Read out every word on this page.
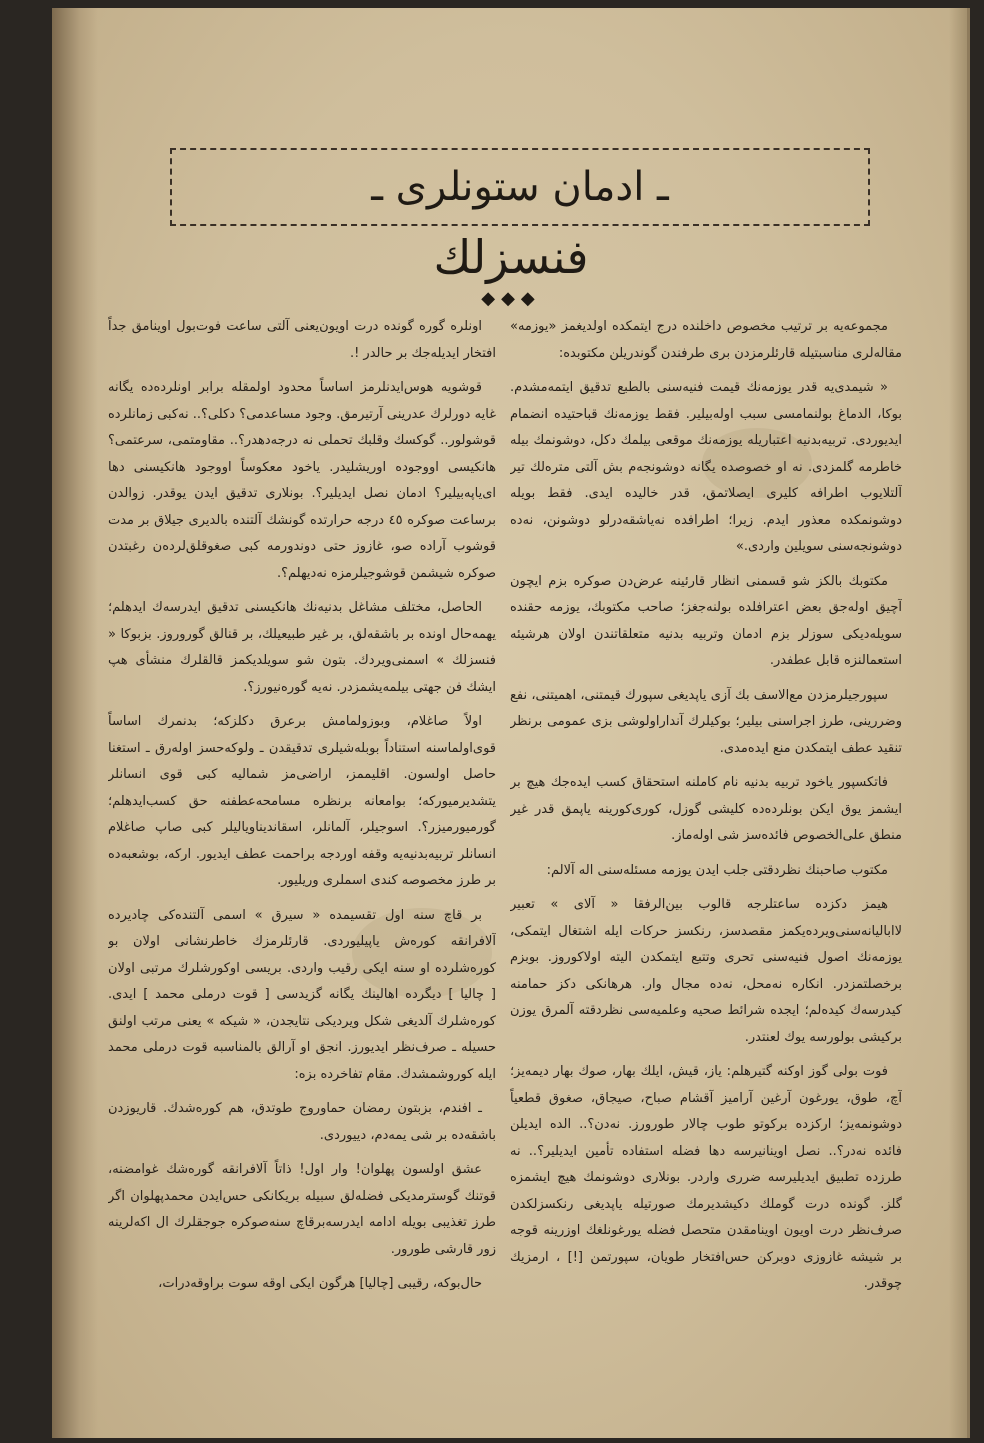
ـ ادمان ستونلری ـ
فنسزلك
◆◆◆

مجموعه‌یه بر ترتیب مخصوص داخلنده درج ایتمکده اولدیغمز «یوزمه» مقاله‌لری مناسبتیله قارئلرمزدن بری طرفندن گوندریلن مکتوبده:

« شیمدی‌یه قدر یوزمه‌نك قیمت فنیه‌سنی بالطبع تدقیق ایتمه‌مشدم. بوكا، الدماغ بولنمامسی سبب اوله‌بیلیر. فقط یوزمه‌نك قباحتیده انضمام ایدیوردی. تربیه‌بدنیه اعتباریله یوزمه‌نك موقعی بیلمك دکل، دوشونمك بیله خاطرمه گلمزدی. نه او خصوصده یگانه دوشونجه‌م بش آلتی متره‌لك تیر آلتلایوب اطرافه کلیری ایصلاتمق، قدر خالیده ایدی. فقط بویله دوشونمکده معذور ایدم. زیرا؛ اطرافده نه‌یاشقه‌درلو دوشونن، نه‌ده دوشونجه‌سنی سویلین واردی.»

مکتوبك بالکز شو قسمنی انظار قارئینه عرض‌دن صوکره بزم ایچون آچیق اوله‌جق بعض اعترافلده بولنه‌جغز؛ صاحب مکتوبك، یوزمه حقنده سویله‌دیکی سوزلر بزم ادمان وتربیه بدنیه متعلقاتندن اولان هرشیئه استعمالنزه قابل عطفدر.

سپورجیلرمزدن مع‌الاسف بك آزی یاپدیغی سپورك قیمتنی، اهمیتنی، نفع وضررینی، طرز اجراسنی بیلیر؛ بوکیلرك آنداراولوشی بزی عمومی برنظر تنقید عطف ایتمکدن منع ایده‌مدی.

فاتکسپور یاخود تربیه بدنیه نام کاملنه استحقاق کسب ایده‌جك هیچ بر ایشمز یوق ایکن بونلرده‌ده کلیشی گوزل، کوری‌کورینه یاپمق قدر غیر منطق علی‌الخصوص فائده‌سز شی اوله‌ماز.

مکتوب صاحبنك نظردقتی جلب ایدن یوزمه مسئله‌سنی اله آلالم:

هیمز دکزده ساعتلرجه قالوب بین‌الرفقا « آلای » تعبیر لاابالیانه‌سنی‌ویرده‌یکمز مقصدسز، رنکسز حرکات ایله اشتغال ایتمکی، یوزمه‌نك اصول فنیه‌سنی تحری وتتبع ایتمکدن الیته اولاکوروز. بوبزم برخصلتمزدر. انکاره نه‌محل، نه‌ده مجال وار. هرهانکی دکز حمامنه کیدرسه‌ك کیده‌لم؛ ایجده شرائط صحیه وعلمیه‌سی نظردقته آلمرق یوزن برکیشی بولورسه یوك لعنتدر.

فوت بولی گوز اوکنه گتیرهلم: یاز، قیش، ایلك بهار، صوك بهار دیمه‌یز؛ آچ، طوق، یورغون آرغین آرامیز آقشام صباح، صیجاق، صغوق قطعیاً دوشونمه‌یز؛ ارکزده برکوتو طوب چالار طورورز. نه‌دن؟.. الده ایدیلن فائده نه‌در؟.. نصل اوینانیرسه دها فضله استفاده تأمین ایدیلیر؟.. نه طرزده تطبیق ایدیلیرسه ضرری واردر. بونلاری دوشونمك هیچ ایشمزه گلز. گونده درت گوملك دکیشدیرمك صورتیله یاپدیغی رنکسزلکدن صرف‌نظر درت اویون اوینامقدن متحصل فضله یورغونلغك اوزرینه قوجه بر شیشه غازوزی دوبرکن حس‌افتخار طویان، سپورتمن [!] ، ارمزیك چوقدر.

اونلره گوره گونده درت اویون‌یعنی آلتی ساعت فوت‌بول اوینامق جداً افتخار ایدیله‌جك بر حالدر !.

قوشویه هوس‌ایدنلرمز اساساً محدود اولمقله برابر اونلرده‌ده یگانه غایه دورلرك عدرینی آرتیرمق. وجود مساعدمی؟ دکلی؟.. نه‌کبی زمانلرده قوشولور.. گوکسك وقلبك تحملی نه درجه‌دهدر؟.. مقاومتمی، سرعتمی؟ هانکیسی اووجوده اوریشلیدر. یاخود معکوساً اووجود هانکیسنی دها ای‌یاپه‌بیلیر؟ ادمان نصل ایدیلیر؟. بونلاری تدقیق ایدن یوقدر. زوالدن برساعت صوکره ٤٥ درجه حرارتده گونشك آلتنده بالدیری جیلاق بر مدت قوشوب آراده صو، غازوز حتی دوندورمه کبی صغوقلق‌لرده‌ن رغبتدن صوکره شیشمن قوشوجیلرمزه نه‌دیهلم؟.

الحاصل، مختلف مشاغل بدنیه‌نك هانکیسنی تدقیق ایدرسه‌ك ایدهلم؛ یهمه‌حال اونده بر باشقه‌لق، بر غیر طبیعیلك، بر قنالق گوروروز. بزبوکا « فنسزلك » اسمنی‌ویردك. بتون شو سویلدیکمز قالقلرك منشأی هپ ایشك فن جهتی بیلمه‌یشمزدر. نه‌یه گوره‌نیورز؟.

اولاً صاغلام، وبوزولمامش برعرق دکلزکه؛ بدنمرك اساساً قوی‌اولماسنه استناداً بوبله‌شیلری تدقیقدن ـ ولوکه‌حسز اوله‌رق ـ استغنا حاصل اولسون. اقلیممز، اراضی‌مز شمالیه کبی قوی انسانلر یتشدیرمیورکه؛ بوامعانه برنظره مسامحه‌عطفنه حق کسب‌ایدهلم؛ گورمیورمیزر؟. اسوجیلر، آلمانلر، اسقاندیناویالیلر کبی صاپ صاغلام انسانلر تربیه‌بدنیه‌یه وقفه اوردجه براحمت عطف ایدیور. ارکه، بوشعبه‌ده بر طرز مخصوصه کندی اسملری وریلیور.

بر قاچ سنه اول تقسیمده « سیرق » اسمی آلتنده‌کی چادیرده آلافرانقه کورەش یاپیلیوردی. قارئلرمزك خاطرنشانی اولان بو کورەشلرده او سنه ایکی رقیب واردی. بریسی اوکورشلرك مرتبی اولان [ چالیا ] دیگرده اهالینك یگانه گزیدسی [ قوت درملی محمد ] ایدی. کوره‌شلرك آلدیغی شکل ویردیکی نتایجدن، « شیکه » یعنی مرتب اولنق حسیله ـ صرف‌نظر ایدیورز. انجق او آرالق بالمناسبه قوت درملی محمد ایله کوروشمشدك. مقام تفاخرده بزه:

ـ افندم، بزبتون رمضان حماوروج طوتدق، هم کوره‌شدك. قاریوزدن باشقه‌ده بر شی یمه‌دم، دییوردی.

عشق اولسون پهلوان! وار اول! ذاتاً آلافرانقه گوره‌شك غوامضنه، قوتنك گوسترمدیکی فضله‌لق سبیله بریکانکی حس‌ایدن محمدپهلوان اگر طرز تغذیبی بویله ادامه ایدرسه‌برقاچ سنه‌صوکره جوجقلرك ال اکه‌لرینه زور قارشی طورور.

حال‌بوکه، رقیبی [چالیا] هرگون ایکی اوقه سوت براوقه‌درات،
